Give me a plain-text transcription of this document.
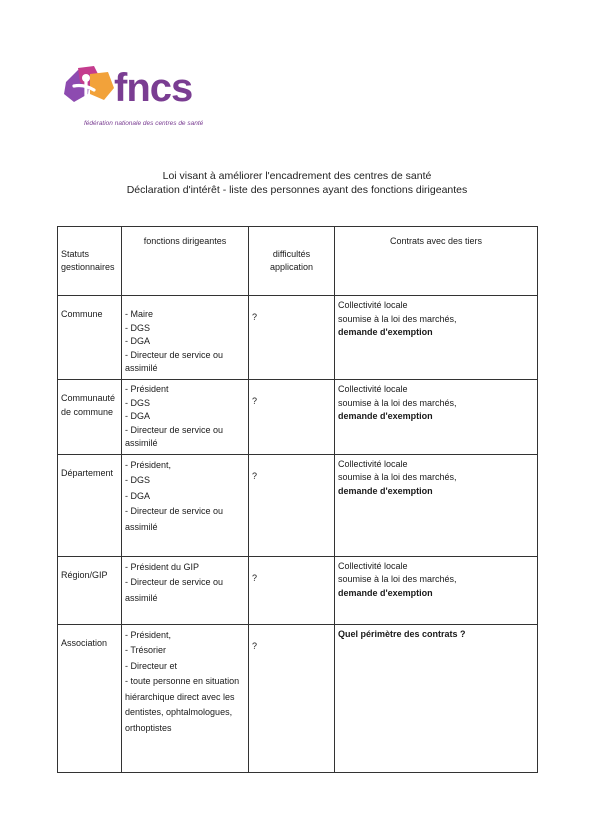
fncs
fédération nationale des centres de santé
Loi visant à améliorer l'encadrement des centres de santé
Déclaration d'intérêt - liste des personnes ayant des fonctions dirigeantes
Statuts gestionnaires	fonctions dirigeantes	difficultés application	Contrats avec des tiers
Commune	- Maire
- DGS
- DGA
- Directeur de service ou assimilé	?	Collectivité locale
soumise à la loi des marchés,
demande d'exemption

Communauté de commune	- Président
- DGS
- DGA
- Directeur de service ou assimilé	?	Collectivité locale
soumise à la loi des marchés,
demande d'exemption

Département	- Président,
- DGS
- DGA
- Directeur de service ou assimilé	?	Collectivité locale
soumise à la loi des marchés,
demande d'exemption

Région/GIP	- Président du GIP
- Directeur de service ou assimilé	?	Collectivité locale
soumise à la loi des marchés,
demande d'exemption

Association	- Président,
- Trésorier
- Directeur et
- toute personne en situation hiérarchique direct avec les dentistes, ophtalmologues, orthoptistes	?	Quel périmètre des contrats ?
